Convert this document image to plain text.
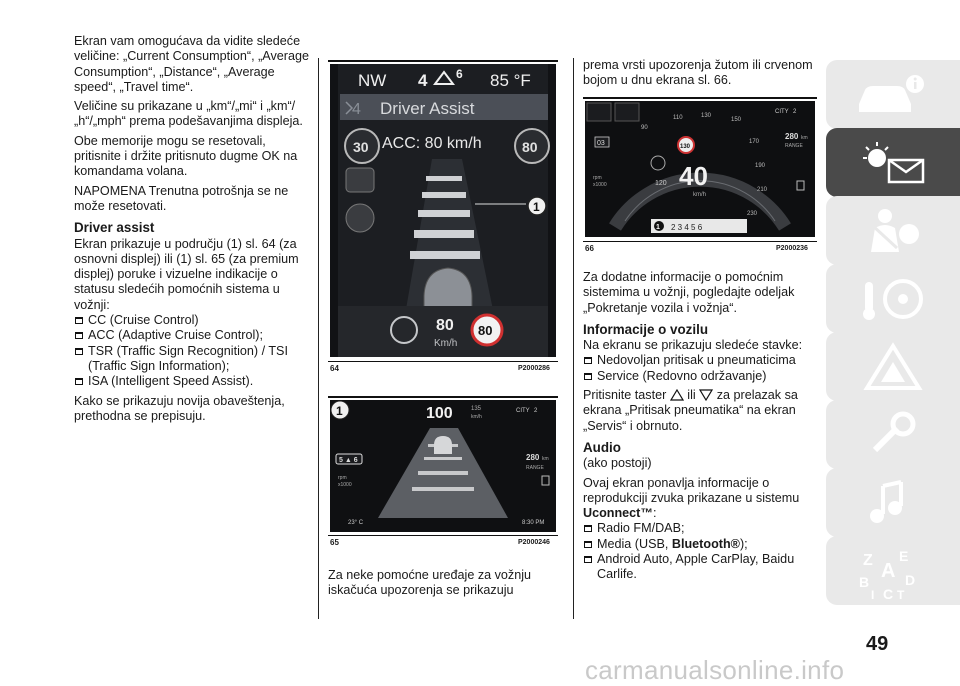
Ekran vam omogućava da vidite sledeće veličine: „Current Consumption“, „Average Consumption“, „Distance“, „Average speed“, „Travel time“.

Veličine su prikazane u „km“/„mi“ i „km“/„h“/„mph“ prema podešavanjima displeja.

Obe memorije mogu se resetovali, pritisnite i držite pritisnuto dugme OK na komandama volana.

NAPOMENA Trenutna potrošnja se ne može resetovati.

Driver assist

Ekran prikazuje u području (1) sl. 64 (za osnovni displej) ili (1) sl. 65 (za premium displej) poruke i vizuelne indikacije o statusu sledećih pomoćnih sistema u vožnji:

CC (Cruise Control)
ACC (Adaptive Cruise Control);
TSR (Traffic Sign Recognition) / TSI (Traffic Sign Information);
ISA (Intelligent Speed Assist).

Kako se prikazuju novija obaveštenja, prethodna se prepisuju.

NW 4 6 85 °F
4 Driver Assist
ACC: 80 km/h
30	80
1
80
Km/h
80
64	P2000286
1	100	135
km/h
CITY 2
5 ▲ 6
rpm
x1000
280 km
RANGE
23° C	8:30 PM
65	P2000246

Za neke pomoćne uređaje za vožnju iskačuća upozorenja se prikazuju

prema vrsti upozorenja žutom ili crvenom bojom u dnu ekrana sl. 66.

90
110	130
150
170
190
210
230
130
40
km/h
120
03
rpm
x1000
CITY 2
280 km
RANGE
1 2 3 4 5 6
66	P2000236

Za dodatne informacije o pomoćnim sistemima u vožnji, pogledajte odeljak „Pokretanje vozila i vožnja“.

Informacije o vozilu

Na ekranu se prikazuju sledeće stavke:

Nedovoljan pritisak u pneumaticima
Service (Redovno održavanje)

Pritisnite taster ili za prelazak sa ekrana „Pritisak pneumatika“ na ekran „Servis“ i obrnuto.

Audio

(ako postoji)

Ovaj ekran ponavlja informacije o reprodukciji zvuka prikazane u sistemu Uconnect™:

Radio FM/DAB;
Media (USB, Bluetooth®);
Android Auto, Apple CarPlay, Baidu Carlife.
Z E
A
B	D
I C T
49
carmanualsonline.info
